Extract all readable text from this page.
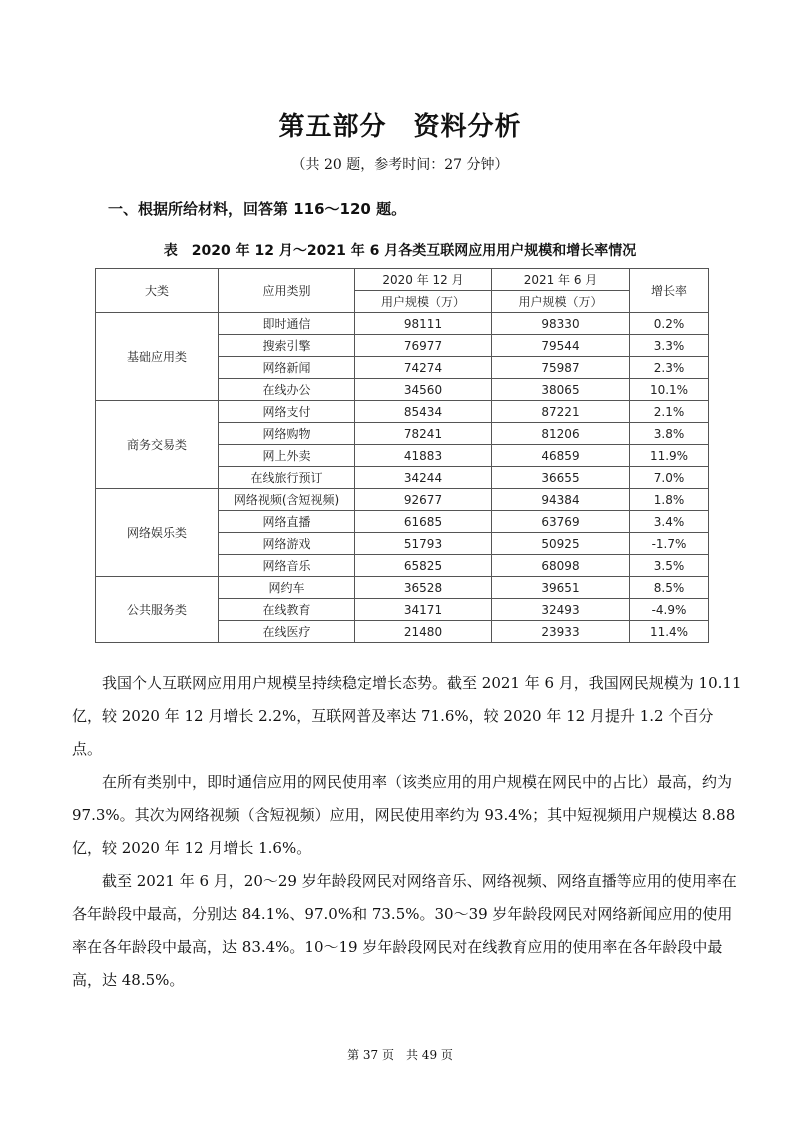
第五部分　资料分析
（共 20 题，参考时间：27 分钟）
一、根据所给材料，回答第 116～120 题。
表　2020 年 12 月～2021 年 6 月各类互联网应用用户规模和增长率情况
大类	应用类别	2020 年 12 月	2021 年 6 月	增长率
		用户规模（万）	用户规模（万）	
基础应用类	即时通信	98111	98330	0.2%
	搜索引擎	76977	79544	3.3%
	网络新闻	74274	75987	2.3%
	在线办公	34560	38065	10.1%
商务交易类	网络支付	85434	87221	2.1%
	网络购物	78241	81206	3.8%
	网上外卖	41883	46859	11.9%
	在线旅行预订	34244	36655	7.0%
网络娱乐类	网络视频(含短视频)	92677	94384	1.8%
	网络直播	61685	63769	3.4%
	网络游戏	51793	50925	-1.7%
	网络音乐	65825	68098	3.5%
公共服务类	网约车	36528	39651	8.5%
	在线教育	34171	32493	-4.9%
	在线医疗	21480	23933	11.4%

我国个人互联网应用用户规模呈持续稳定增长态势。截至 2021 年 6 月，我国网民规模为 10.11 亿，较 2020 年 12 月增长 2.2%，互联网普及率达 71.6%，较 2020 年 12 月提升 1.2 个百分点。

在所有类别中，即时通信应用的网民使用率（该类应用的用户规模在网民中的占比）最高，约为 97.3%。其次为网络视频（含短视频）应用，网民使用率约为 93.4%；其中短视频用户规模达 8.88 亿，较 2020 年 12 月增长 1.6%。

截至 2021 年 6 月，20～29 岁年龄段网民对网络音乐、网络视频、网络直播等应用的使用率在各年龄段中最高，分别达 84.1%、97.0%和 73.5%。30～39 岁年龄段网民对网络新闻应用的使用率在各年龄段中最高，达 83.4%。10～19 岁年龄段网民对在线教育应用的使用率在各年龄段中最高，达 48.5%。

第 37 页　共 49 页
